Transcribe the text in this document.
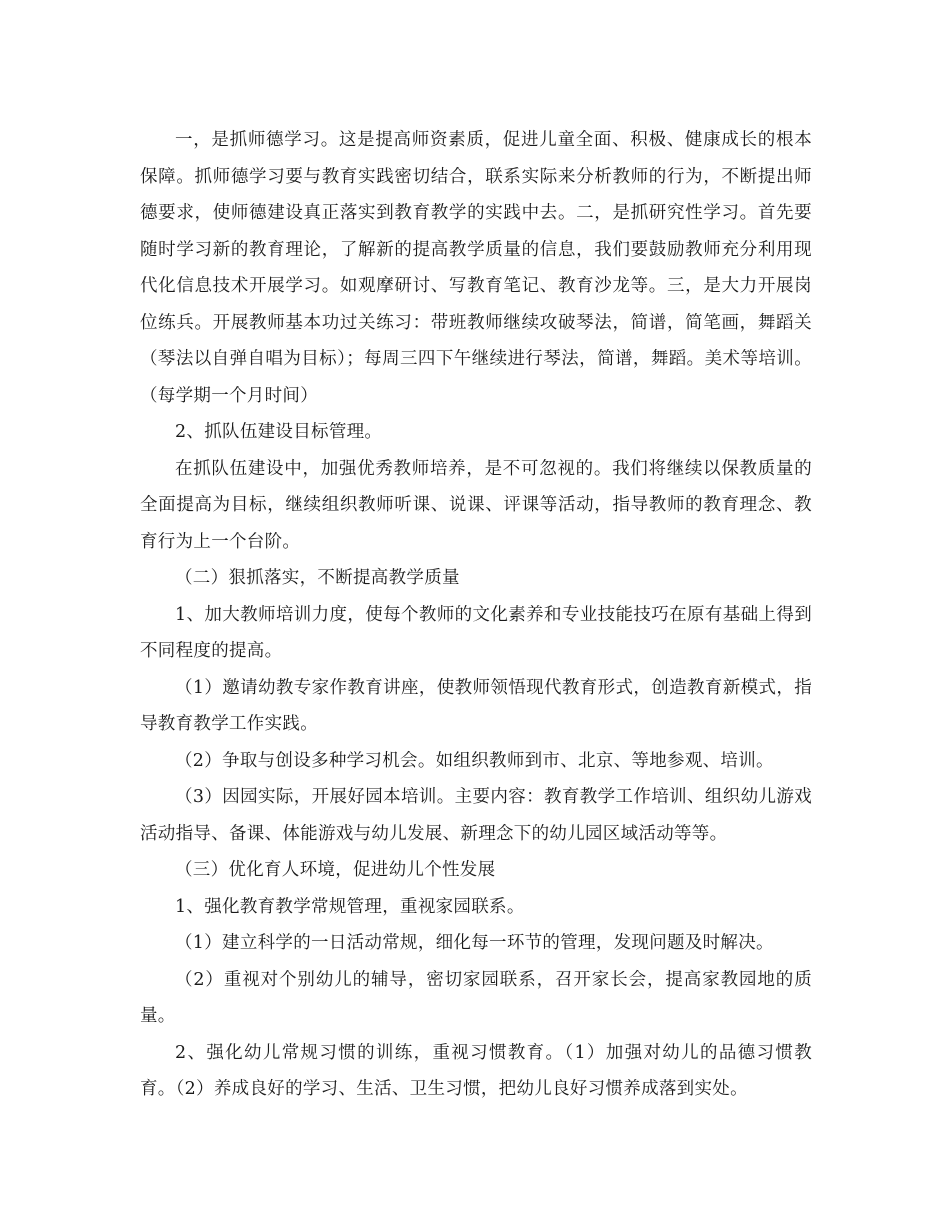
一，是抓师德学习。这是提高师资素质，促进儿童全面、积极、健康成长的根本保障。抓师德学习要与教育实践密切结合，联系实际来分析教师的行为，不断提出师德要求，使师德建设真正落实到教育教学的实践中去。二，是抓研究性学习。首先要随时学习新的教育理论，了解新的提高教学质量的信息，我们要鼓励教师充分利用现代化信息技术开展学习。如观摩研讨、写教育笔记、教育沙龙等。三，是大力开展岗位练兵。开展教师基本功过关练习：带班教师继续攻破琴法，简谱，简笔画，舞蹈关（琴法以自弹自唱为目标）；每周三四下午继续进行琴法，简谱，舞蹈。美术等培训。（每学期一个月时间）

2、抓队伍建设目标管理。

在抓队伍建设中，加强优秀教师培养，是不可忽视的。我们将继续以保教质量的全面提高为目标，继续组织教师听课、说课、评课等活动，指导教师的教育理念、教育行为上一个台阶。

（二）狠抓落实，不断提高教学质量

1、加大教师培训力度，使每个教师的文化素养和专业技能技巧在原有基础上得到不同程度的提高。

（1）邀请幼教专家作教育讲座，使教师领悟现代教育形式，创造教育新模式，指导教育教学工作实践。

（2）争取与创设多种学习机会。如组织教师到市、北京、等地参观、培训。

（3）因园实际，开展好园本培训。主要内容：教育教学工作培训、组织幼儿游戏活动指导、备课、体能游戏与幼儿发展、新理念下的幼儿园区域活动等等。

（三）优化育人环境，促进幼儿个性发展

1、强化教育教学常规管理，重视家园联系。

（1）建立科学的一日活动常规，细化每一环节的管理，发现问题及时解决。

（2）重视对个别幼儿的辅导，密切家园联系，召开家长会，提高家教园地的质量。

2、强化幼儿常规习惯的训练，重视习惯教育。（1）加强对幼儿的品德习惯教育。（2）养成良好的学习、生活、卫生习惯，把幼儿良好习惯养成落到实处。
